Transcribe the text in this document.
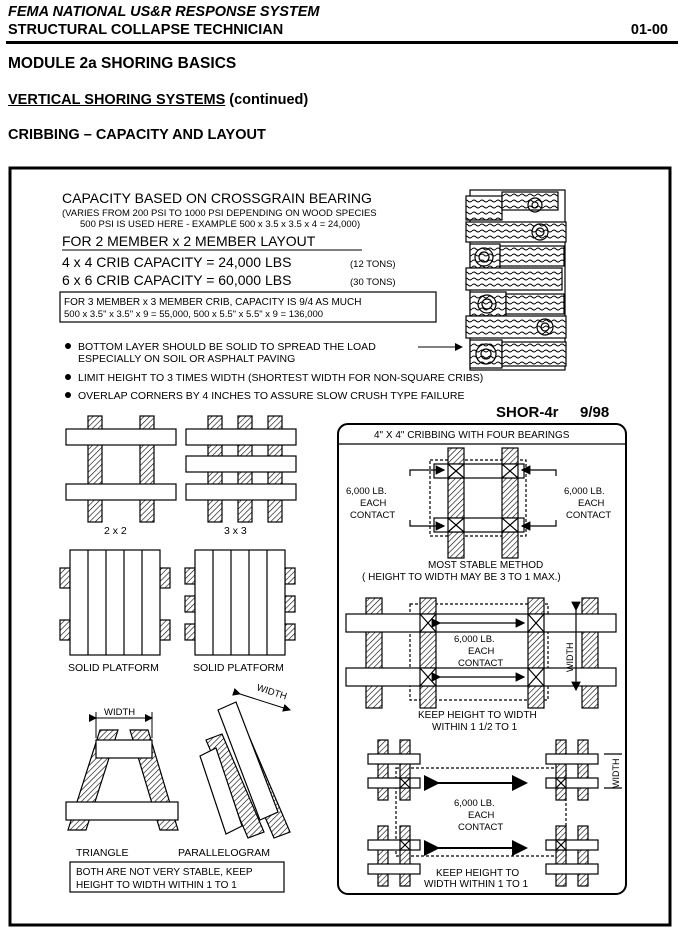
FEMA NATIONAL US&R RESPONSE SYSTEM
STRUCTURAL COLLAPSE TECHNICIAN	01-00
MODULE 2a SHORING BASICS
VERTICAL SHORING SYSTEMS (continued)
CRIBBING – CAPACITY AND LAYOUT
CAPACITY BASED ON CROSSGRAIN BEARING
(VARIES FROM 200 PSI TO 1000 PSI DEPENDING ON WOOD SPECIES
500 PSI IS USED HERE - EXAMPLE 500 x 3.5 x 3.5 x 4 = 24,000)
FOR 2 MEMBER x 2 MEMBER LAYOUT
4 x 4 CRIB CAPACITY = 24,000 LBS	(12 TONS)
6 x 6 CRIB CAPACITY = 60,000 LBS	(30 TONS)
FOR 3 MEMBER x 3 MEMBER CRIB, CAPACITY IS 9/4 AS MUCH
500 x 3.5" x 3.5" x 9 = 55,000, 500 x 5.5" x 5.5" x 9 = 136,000
BOTTOM LAYER SHOULD BE SOLID TO SPREAD THE LOAD
ESPECIALLY ON SOIL OR ASPHALT PAVING
LIMIT HEIGHT TO 3 TIMES WIDTH (SHORTEST WIDTH FOR NON-SQUARE CRIBS)
OVERLAP CORNERS BY 4 INCHES TO ASSURE SLOW CRUSH TYPE FAILURE
SHOR-4r 9/98
2 x 2	3 x 3
SOLID PLATFORM	SOLID PLATFORM
WIDTH
TRIANGLE
WIDTH
PARALLELOGRAM
BOTH ARE NOT VERY STABLE, KEEP
HEIGHT TO WIDTH WITHIN 1 TO 1
4" X 4" CRIBBING WITH FOUR BEARINGS
6,000 LB.
EACH
CONTACT
6,000 LB.
EACH
CONTACT
MOST STABLE METHOD
( HEIGHT TO WIDTH MAY BE 3 TO 1 MAX.)
6,000 LB.
EACH
CONTACT	WIDTH
KEEP HEIGHT TO WIDTH
WITHIN 1 1/2 TO 1
6,000 LB.
EACH
CONTACT
WIDTH
KEEP HEIGHT TO
WIDTH WITHIN 1 TO 1
